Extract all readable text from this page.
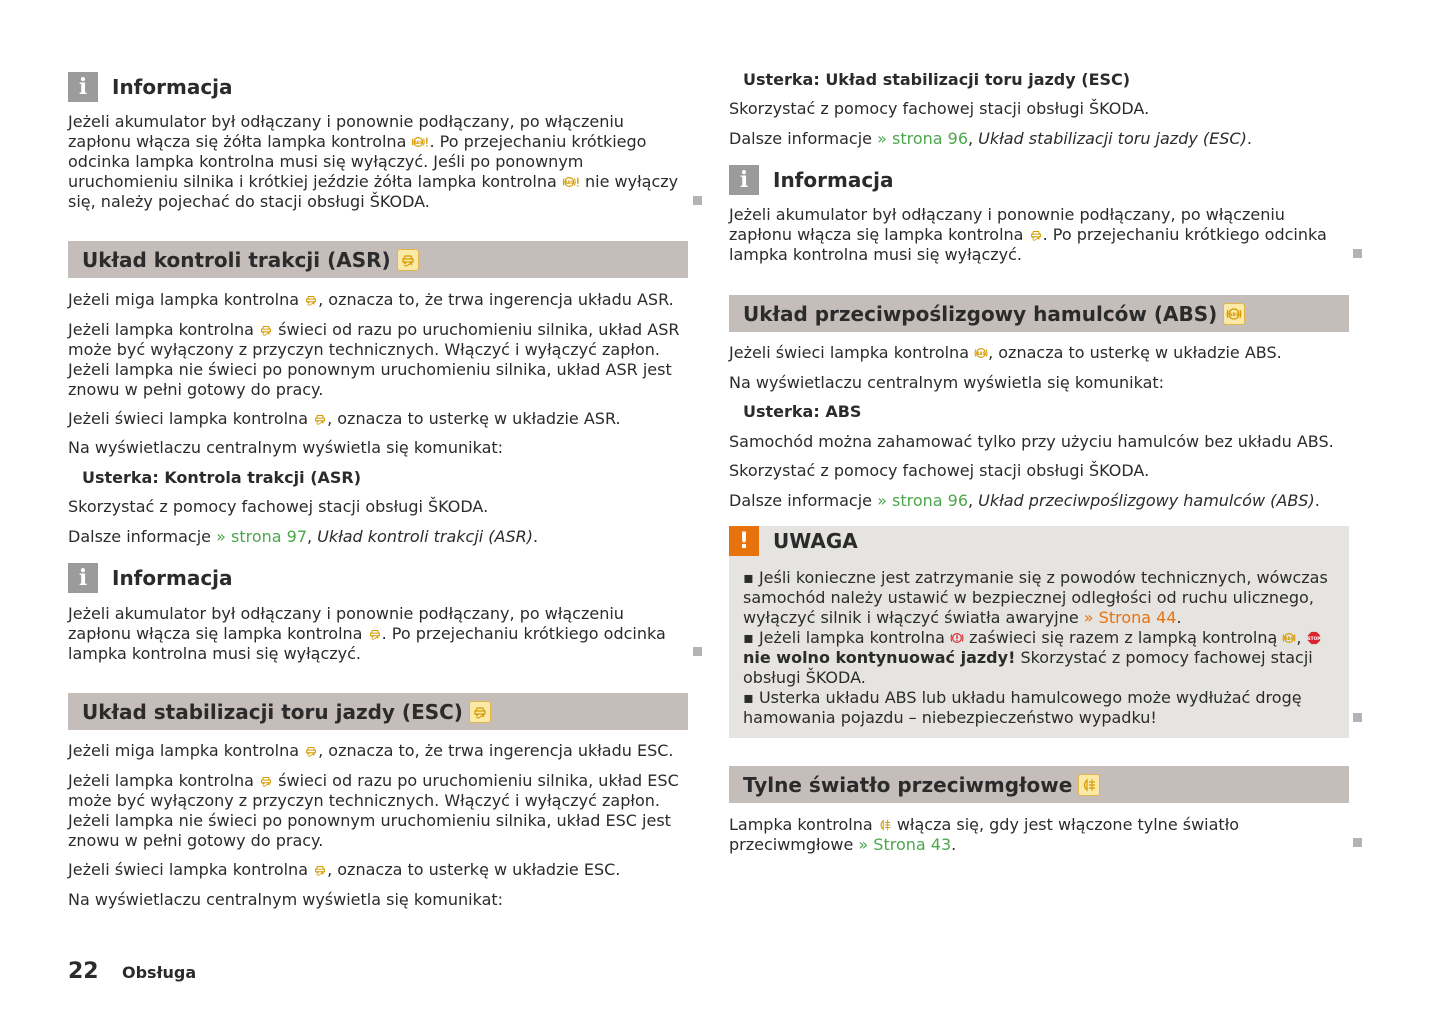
i	Informacja

Jeżeli akumulator był odłączany i ponownie podłączany, po włączeniu zapłonu włącza się żółta lampka kontrolna . Po przejechaniu krótkiego odcinka lampka kontrolna musi się wyłączyć. Jeśli po ponownym uruchomieniu silnika i krótkiej jeździe żółta lampka kontrolna nie wyłączy się, należy pojechać do stacji obsługi ŠKODA.

Układ kontroli trakcji (ASR)

Jeżeli miga lampka kontrolna , oznacza to, że trwa ingerencja układu ASR.

Jeżeli lampka kontrolna świeci od razu po uruchomieniu silnika, układ ASR może być wyłączony z przyczyn technicznych. Włączyć i wyłączyć zapłon. Jeżeli lampka nie świeci po ponownym uruchomieniu silnika, układ ASR jest znowu w pełni gotowy do pracy.

Jeżeli świeci lampka kontrolna , oznacza to usterkę w układzie ASR.

Na wyświetlaczu centralnym wyświetla się komunikat:

Usterka: Kontrola trakcji (ASR)

Skorzystać z pomocy fachowej stacji obsługi ŠKODA.

Dalsze informacje » strona 97, Układ kontroli trakcji (ASR).

i	Informacja

Jeżeli akumulator był odłączany i ponownie podłączany, po włączeniu zapłonu włącza się lampka kontrolna . Po przejechaniu krótkiego odcinka lampka kontrolna musi się wyłączyć.

Układ stabilizacji toru jazdy (ESC)

Jeżeli miga lampka kontrolna , oznacza to, że trwa ingerencja układu ESC.

Jeżeli lampka kontrolna świeci od razu po uruchomieniu silnika, układ ESC może być wyłączony z przyczyn technicznych. Włączyć i wyłączyć zapłon. Jeżeli lampka nie świeci po ponownym uruchomieniu silnika, układ ESC jest znowu w pełni gotowy do pracy.

Jeżeli świeci lampka kontrolna , oznacza to usterkę w układzie ESC.

Na wyświetlaczu centralnym wyświetla się komunikat:

Usterka: Układ stabilizacji toru jazdy (ESC)

Skorzystać z pomocy fachowej stacji obsługi ŠKODA.

Dalsze informacje » strona 96, Układ stabilizacji toru jazdy (ESC).

i	Informacja

Jeżeli akumulator był odłączany i ponownie podłączany, po włączeniu zapłonu włącza się lampka kontrolna . Po przejechaniu krótkiego odcinka lampka kontrolna musi się wyłączyć.

Układ przeciwpoślizgowy hamulców (ABS)

Jeżeli świeci lampka kontrolna , oznacza to usterkę w układzie ABS.

Na wyświetlaczu centralnym wyświetla się komunikat:

Usterka: ABS

Samochód można zahamować tylko przy użyciu hamulców bez układu ABS.

Skorzystać z pomocy fachowej stacji obsługi ŠKODA.

Dalsze informacje » strona 96, Układ przeciwpoślizgowy hamulców (ABS).

!	UWAGA

▪ Jeśli konieczne jest zatrzymanie się z powodów technicznych, wówczas samochód należy ustawić w bezpiecznej odległości od ruchu ulicznego, wyłączyć silnik i włączyć światła awaryjne » Strona 44.

▪ Jeżeli lampka kontrolna zaświeci się razem z lampką kontrolną ,  nie wolno kontynuować jazdy! Skorzystać z pomocy fachowej stacji obsługi ŠKODA.

▪ Usterka układu ABS lub układu hamulcowego może wydłużać drogę hamowania pojazdu – niebezpieczeństwo wypadku!

Tylne światło przeciwmgłowe

Lampka kontrolna włącza się, gdy jest włączone tylne światło przeciwmgłowe » Strona 43.

22 Obsługa
